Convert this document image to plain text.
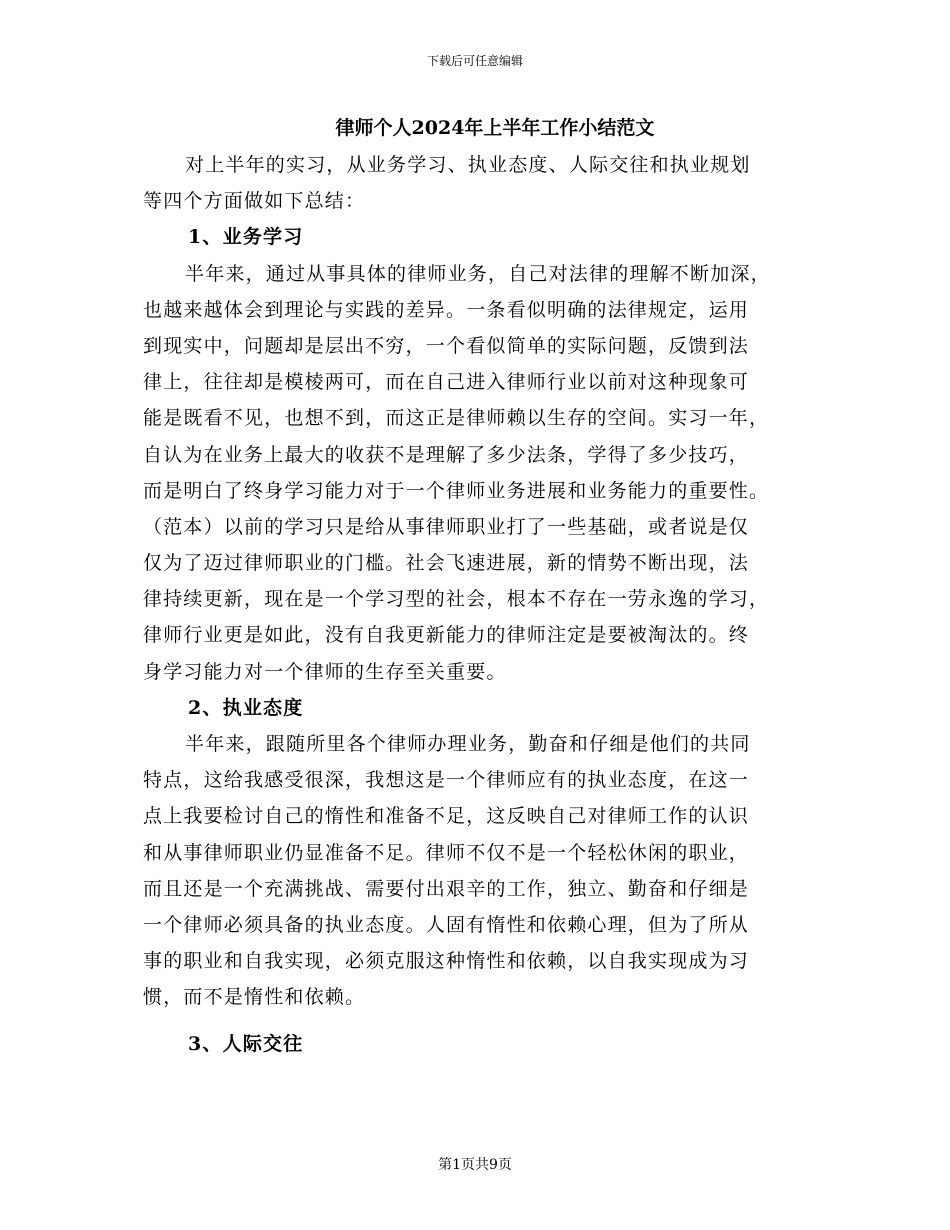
下载后可任意编辑
律师个人2024年上半年工作小结范文
对上半年的实习，从业务学习、执业态度、人际交往和执业规划
等四个方面做如下总结：
1、业务学习
半年来，通过从事具体的律师业务，自己对法律的理解不断加深，
也越来越体会到理论与实践的差异。一条看似明确的法律规定，运用
到现实中，问题却是层出不穷，一个看似简单的实际问题，反馈到法
律上，往往却是模棱两可，而在自己进入律师行业以前对这种现象可
能是既看不见，也想不到，而这正是律师赖以生存的空间。实习一年，
自认为在业务上最大的收获不是理解了多少法条，学得了多少技巧，
而是明白了终身学习能力对于一个律师业务进展和业务能力的重要性。
（范本）以前的学习只是给从事律师职业打了一些基础，或者说是仅
仅为了迈过律师职业的门槛。社会飞速进展，新的情势不断出现，法
律持续更新，现在是一个学习型的社会，根本不存在一劳永逸的学习，
律师行业更是如此，没有自我更新能力的律师注定是要被淘汰的。终
身学习能力对一个律师的生存至关重要。
2、执业态度
半年来，跟随所里各个律师办理业务，勤奋和仔细是他们的共同
特点，这给我感受很深，我想这是一个律师应有的执业态度，在这一
点上我要检讨自己的惰性和准备不足，这反映自己对律师工作的认识
和从事律师职业仍显准备不足。律师不仅不是一个轻松休闲的职业，
而且还是一个充满挑战、需要付出艰辛的工作，独立、勤奋和仔细是
一个律师必须具备的执业态度。人固有惰性和依赖心理，但为了所从
事的职业和自我实现，必须克服这种惰性和依赖，以自我实现成为习
惯，而不是惰性和依赖。
3、人际交往
第1页共9页
